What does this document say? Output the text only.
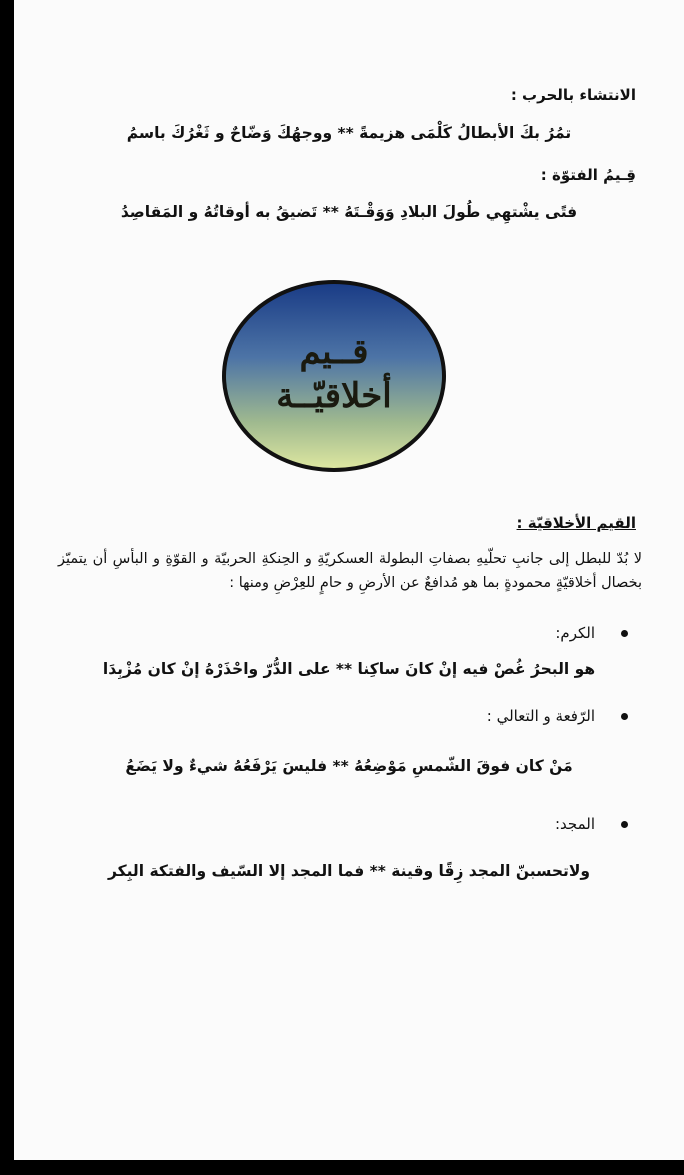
الانتشاء بالحرب :
تمُرُ بكَ الأبطالُ كَلْمَى هزيمةً ** ووجهُكَ وَضّاحٌ و ثَغْرُكَ باسمُ
قِـيمُ الفتوّة :
فتًى يشْتهِي طُولَ البلادِ وَوَقْـتَهُ ** تَضيقُ به أوقاتُهُ و المَقاصِدُ
قــيم
أخلاقيّــة
القيم الأخلاقيّة :
لا بُدّ للبطل إلى جانبِ تحلّيهِ بصفاتِ البطولة العسكريّةِ و الحِنكةِ الحربيّة و القوّةِ و البأسِ أن يتميّز بخصال أخلاقيّةٍ محمودةٍ بما هو مُدافعٌ عن الأرضِ و حامٍ للعِرْضِ ومنها :
الكرم:
هو البحرُ غُصْ فيه إنْ كانَ ساكِنا ** على الدُّرّ واحْذَرْهُ إنْ كان مُزْبِدَا
الرّفعة و التعالي :
مَنْ كان فوقَ الشّمسِ مَوْضِعُهُ ** فليسَ يَرْفَعُهُ شيءٌ ولا يَضَعُ
المجد:
ولاتحسبنّ المجد زِقًا وقينة ** فما المجد إلا السّيف والفتكة البِكر
